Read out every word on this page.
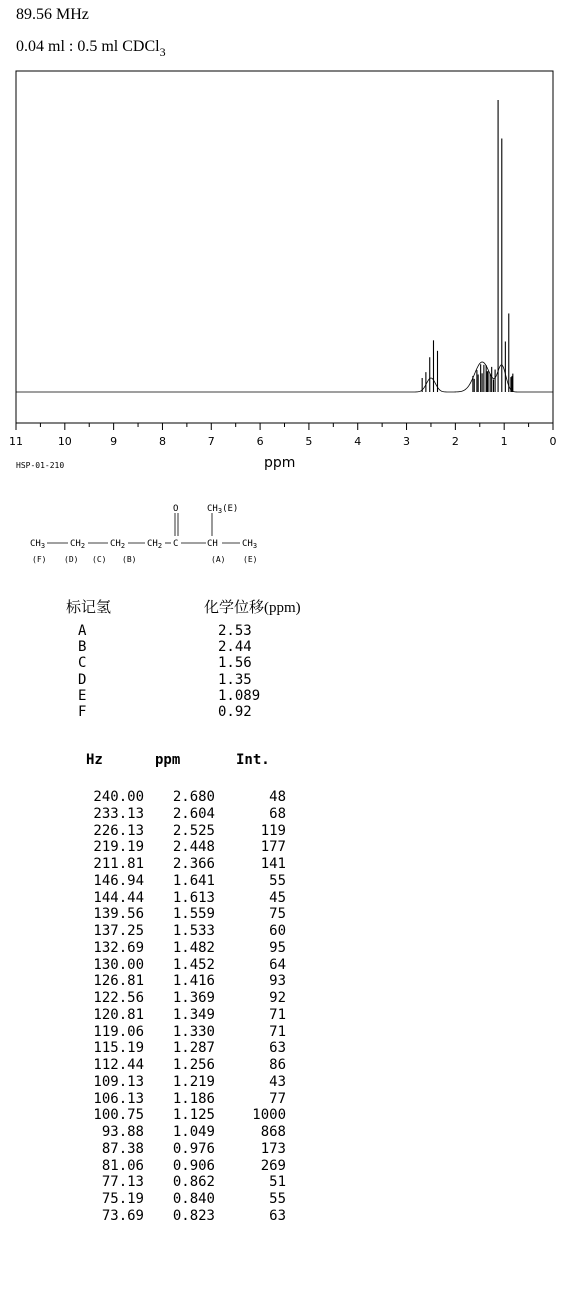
89.56 MHz
0.04 ml : 0.5 ml CDCl$_3$
11	10	9	8	7	6	5	4	3	2	1	0
HSP-01-210	ppm
O	$CH_3(E)$
$CH_3$	$CH_2$	$CH_2$ $CH_2$ C	CH	$CH_3$
(F) (D) (C) (B)	(A) (E)
标记氢	化学位移(ppm)
A	2.53
B	2.44
C	1.56
D	1.35
E	1.089
F	0.92
Hz	ppm	Int.
240.00	2.680	48
233.13	2.604	68
226.13	2.525	119
219.19	2.448	177
211.81	2.366	141
146.94	1.641	55
144.44	1.613	45
139.56	1.559	75
137.25	1.533	60
132.69	1.482	95
130.00	1.452	64
126.81	1.416	93
122.56	1.369	92
120.81	1.349	71
119.06	1.330	71
115.19	1.287	63
112.44	1.256	86
109.13	1.219	43
106.13	1.186	77
100.75	1.125	1000
93.88	1.049	868
87.38	0.976	173
81.06	0.906	269
77.13	0.862	51
75.19	0.840	55
73.69	0.823	63
